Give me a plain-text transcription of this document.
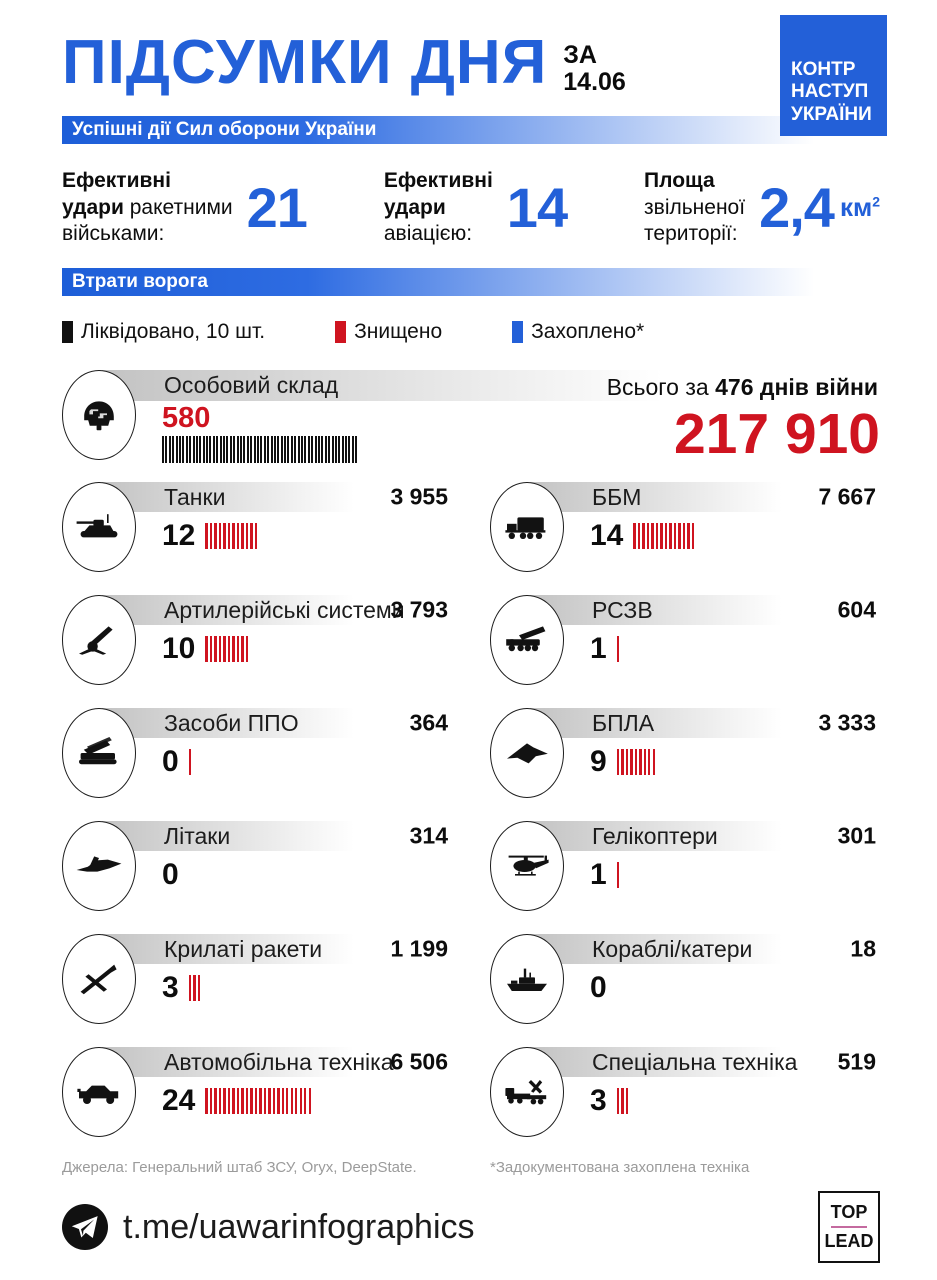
ПІДСУМКИ ДНЯ ЗА
14.06	КОНТР
НАСТУП
УКРАЇНИ
Успішні дії Сил оборони України
Ефективні
удари ракетними
військами:	21	Ефективні
удари
авіацією: 14	Площа
звільненої
території: 2,4 $км^2$
Втрати ворога
Ліквідовано, 10 шт.	Знищено	Захоплено*
Особовий склад	Всього за 476 днів війни
580	217 910
Танки	3 955
12
ББМ	7 667
14
Артилерійські системи
3 793
10
РСЗВ	604
1
Засоби ППО	364
0
БПЛА	3 333
9
Літаки	314
0
Гелікоптери	301
1
Крилаті ракети	1 199
3
Кораблі/катери	18
0
Автомобільна техніка
6 506
24
Спеціальна техніка 519
3
Джерела: Генеральний штаб ЗСУ, Oryx, DeepState.	*Задокументована захоплена техніка
t.me/uawarinfographics	TOP
LEAD
